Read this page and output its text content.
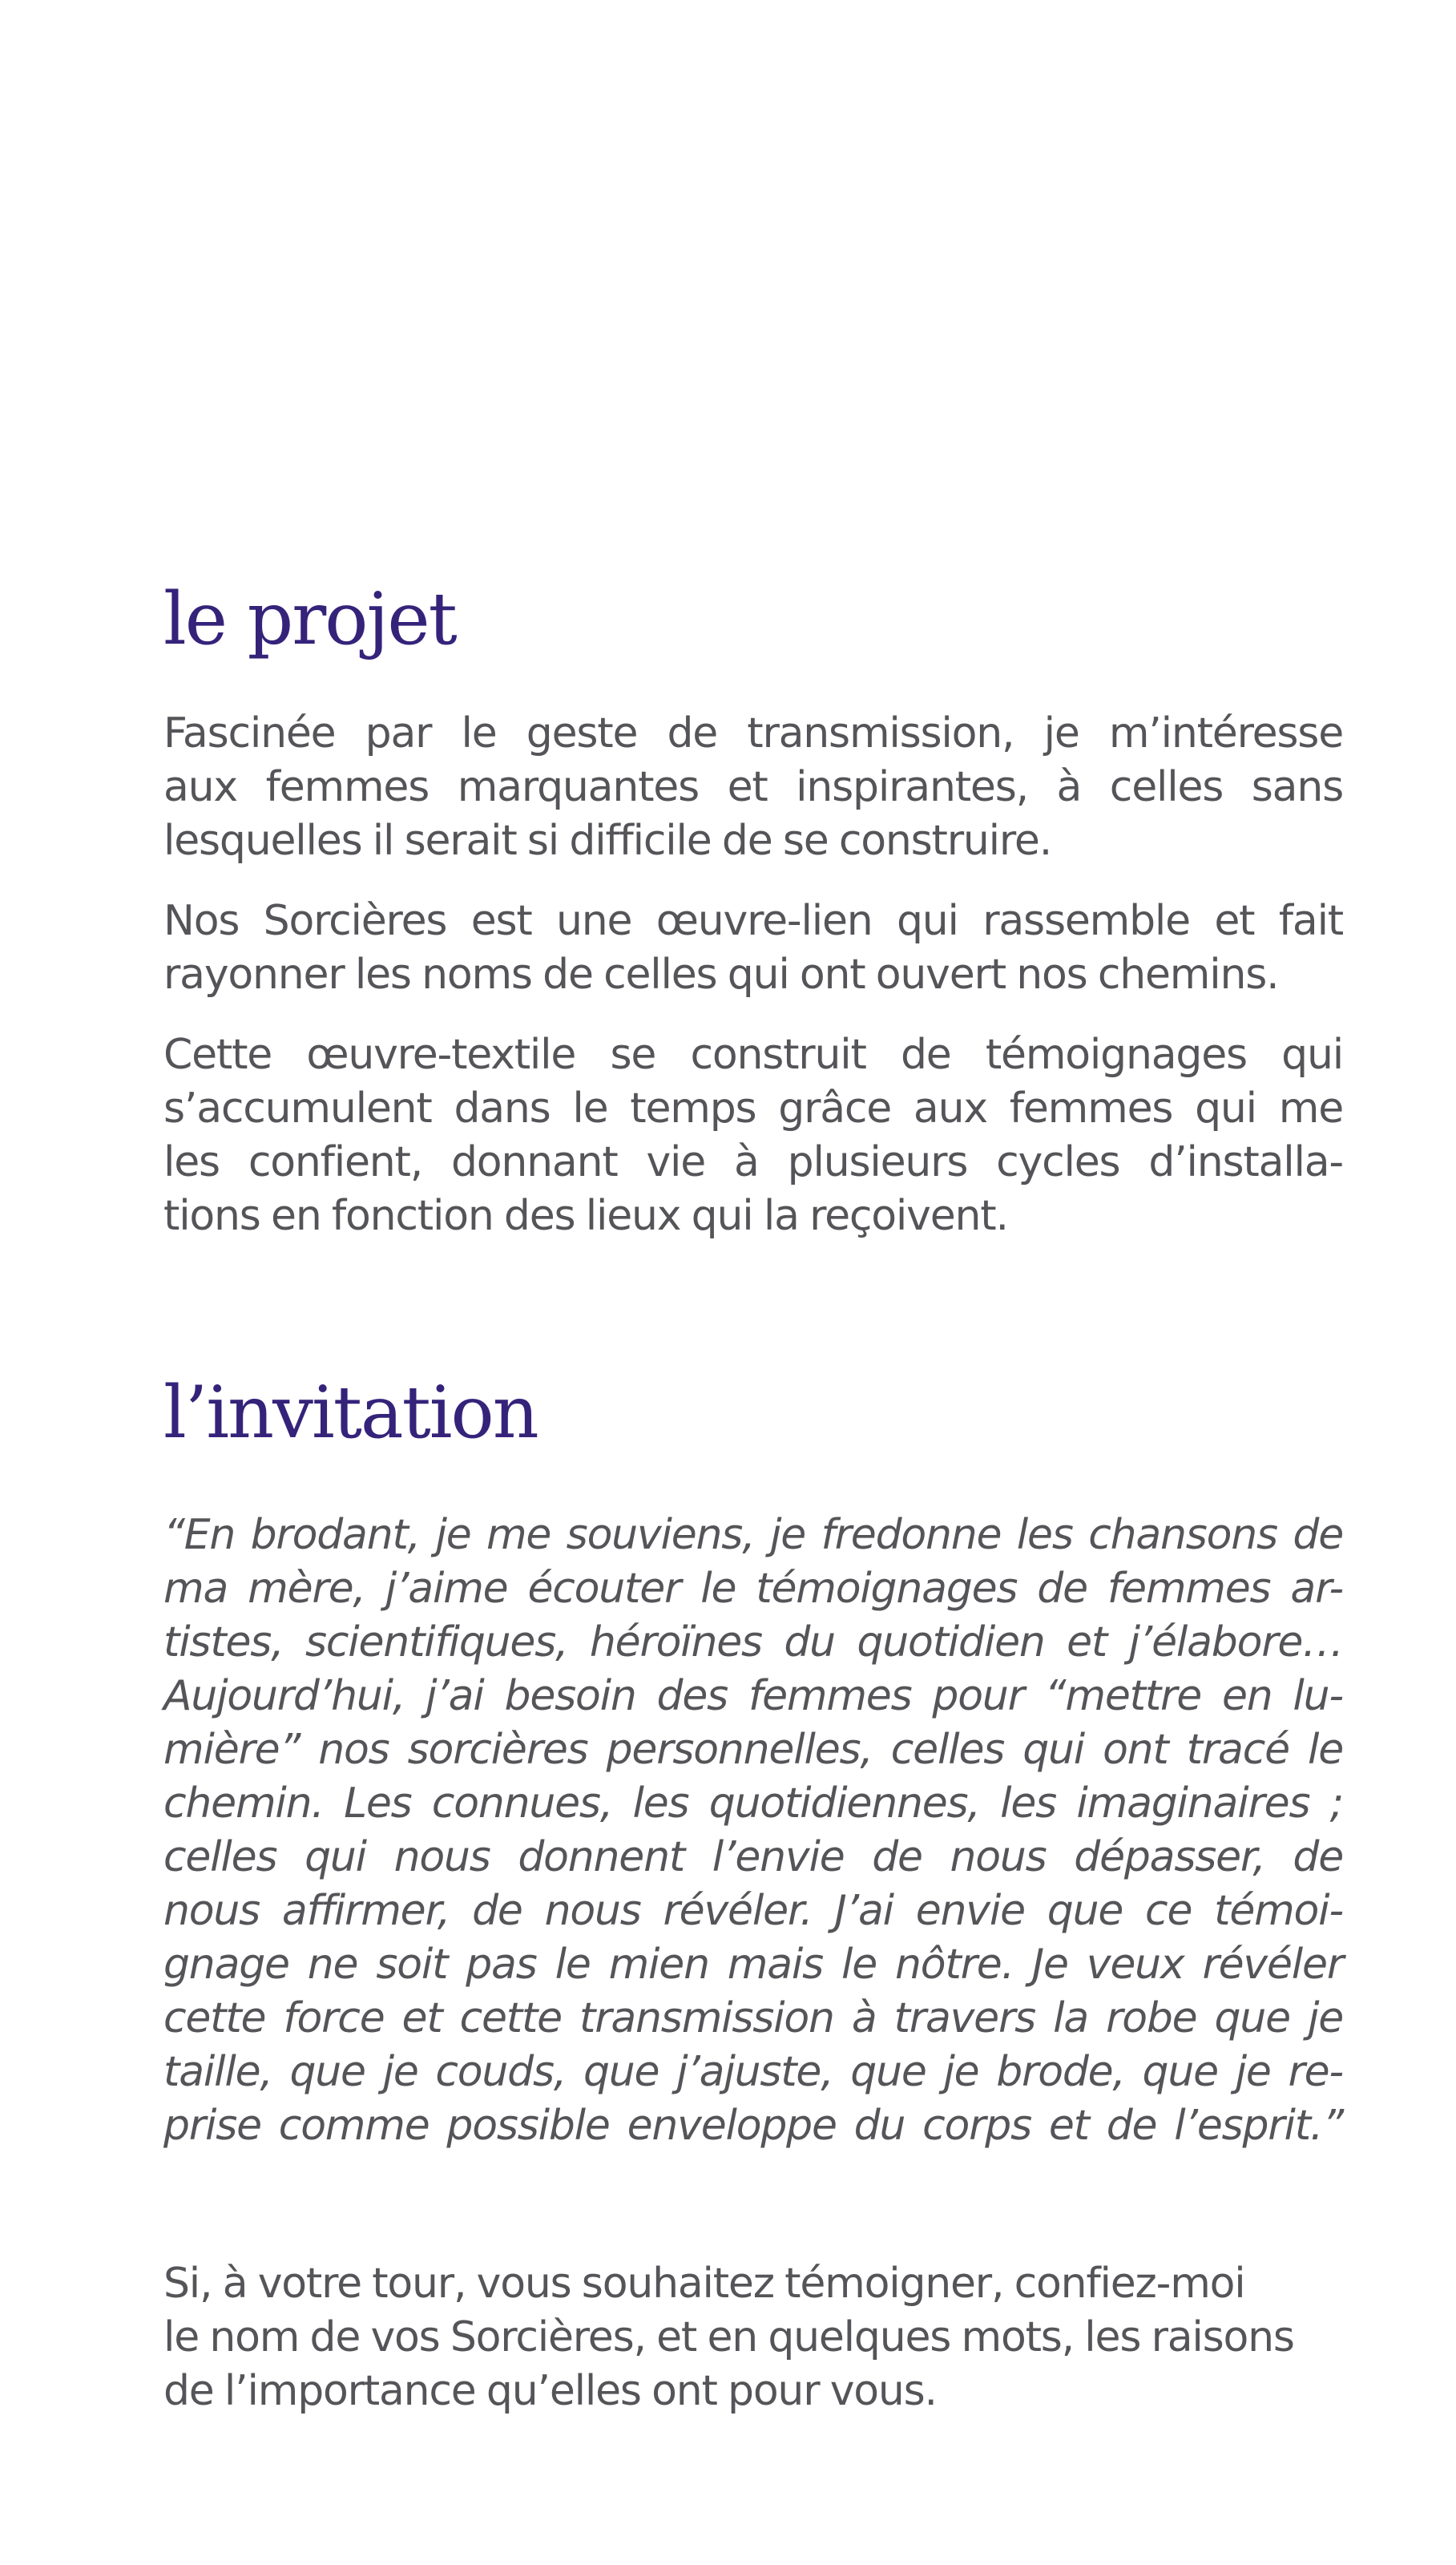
le projet

Fascinée par le geste de transmission, je m’intéresse
aux femmes marquantes et inspirantes, à celles sans
lesquelles il serait si difficile de se construire.

Nos Sorcières est une œuvre-lien qui rassemble et fait
rayonner les noms de celles qui ont ouvert nos chemins.

Cette œuvre-textile se construit de témoignages qui
s’accumulent dans le temps grâce aux femmes qui me
les confient, donnant vie à plusieurs cycles d’installa-
tions en fonction des lieux qui la reçoivent.

l’invitation

“En brodant, je me souviens, je fredonne les chansons de
ma mère, j’aime écouter le témoignages de femmes ar-
tistes, scientifiques, héroïnes du quotidien et j’élabore…
Aujourd’hui, j’ai besoin des femmes pour “mettre en lu-
mière” nos sorcières personnelles, celles qui ont tracé le
chemin. Les connues, les quotidiennes, les imaginaires ;
celles qui nous donnent l’envie de nous dépasser, de
nous affirmer, de nous révéler. J’ai envie que ce témoi-
gnage ne soit pas le mien mais le nôtre. Je veux révéler
cette force et cette transmission à travers la robe que je
taille, que je couds, que j’ajuste, que je brode, que je re-
prise comme possible enveloppe du corps et de l’esprit.”

Si, à votre tour, vous souhaitez témoigner, confiez-moi
le nom de vos Sorcières, et en quelques mots, les raisons
de l’importance qu’elles ont pour vous.
